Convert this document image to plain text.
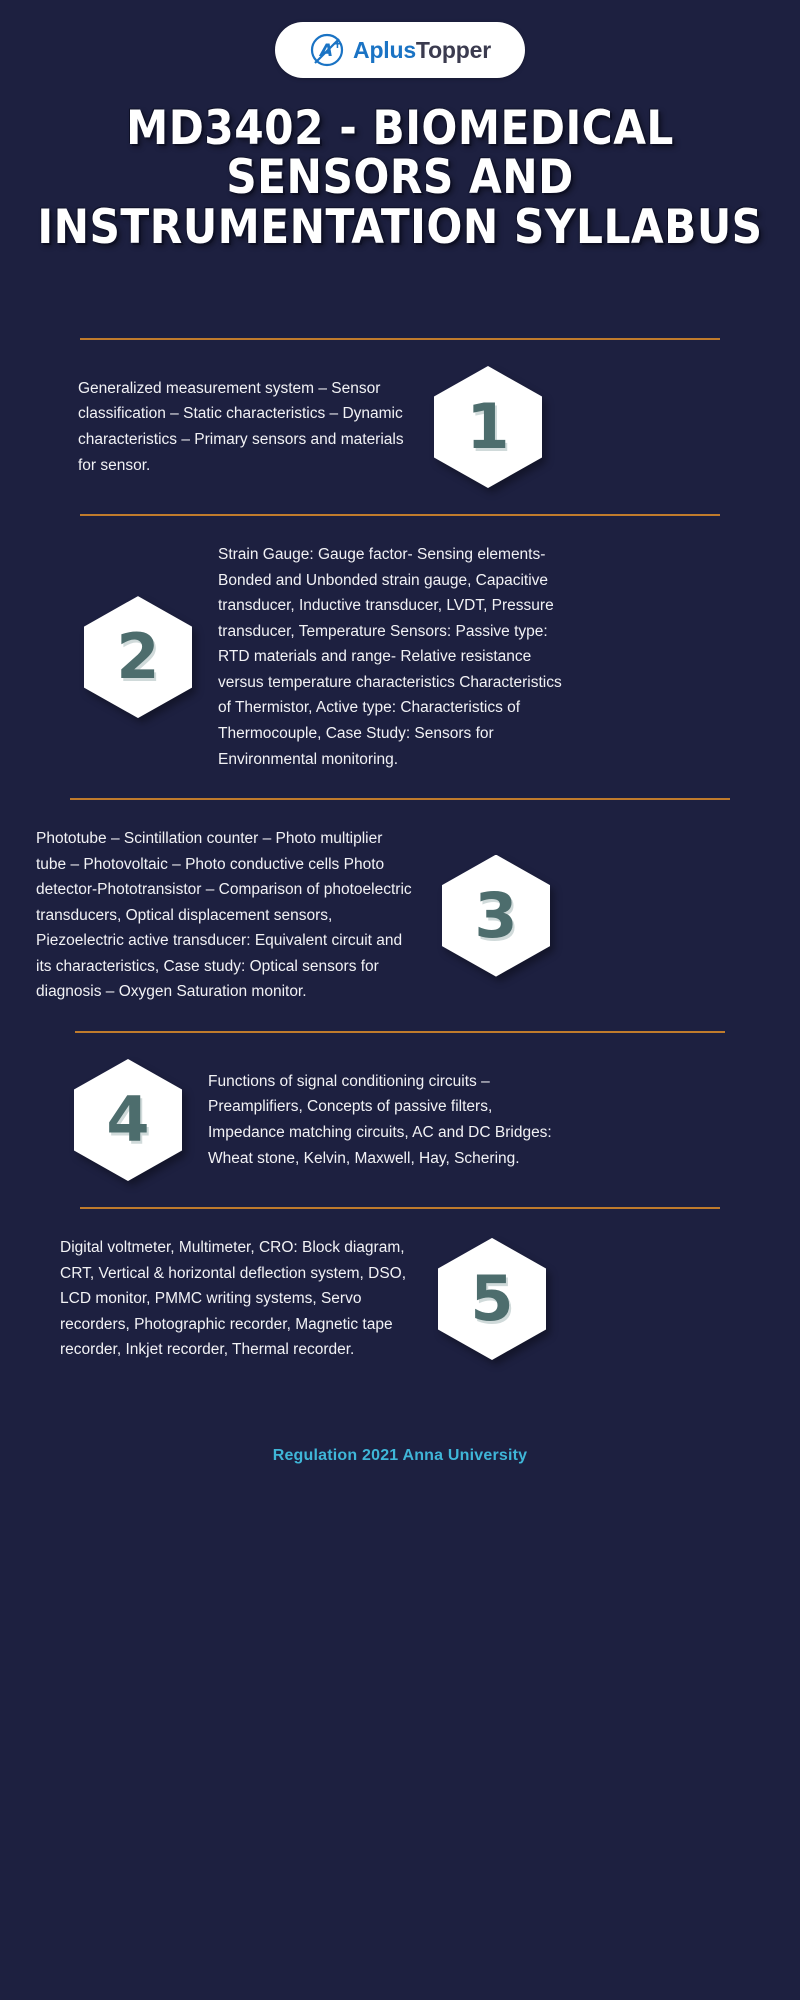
A
+ AplusTopper
MD3402 - BIOMEDICAL
SENSORS AND
INSTRUMENTATION SYLLABUS
Generalized measurement system – Sensor classification – Static characteristics – Dynamic characteristics – Primary sensors and materials for sensor.
1
2
Strain Gauge: Gauge factor- Sensing elements- Bonded and Unbonded strain gauge, Capacitive transducer, Inductive transducer, LVDT, Pressure transducer, Temperature Sensors: Passive type: RTD materials and range- Relative resistance versus temperature characteristics Characteristics of Thermistor, Active type: Characteristics of Thermocouple, Case Study: Sensors for Environmental monitoring.
Phototube – Scintillation counter – Photo multiplier tube – Photovoltaic – Photo conductive cells Photo detector-Phototransistor – Comparison of photoelectric transducers, Optical displacement sensors, Piezoelectric active transducer: Equivalent circuit and its characteristics, Case study: Optical sensors for diagnosis – Oxygen Saturation monitor.
3
4
Functions of signal conditioning circuits – Preamplifiers, Concepts of passive filters, Impedance matching circuits, AC and DC Bridges: Wheat stone, Kelvin, Maxwell, Hay, Schering.
Digital voltmeter, Multimeter, CRO: Block diagram, CRT, Vertical & horizontal deflection system, DSO, LCD monitor, PMMC writing systems, Servo recorders, Photographic recorder, Magnetic tape recorder, Inkjet recorder, Thermal recorder.
5
Regulation 2021 Anna University
